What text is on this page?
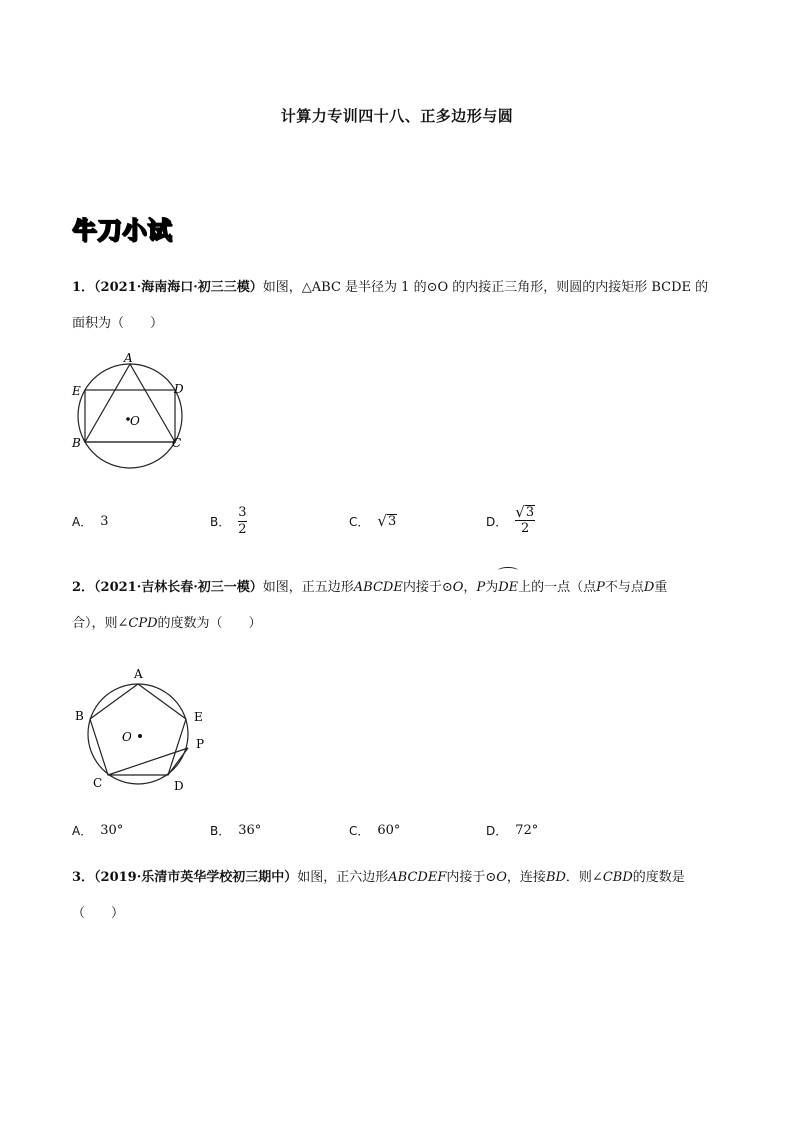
计算力专训四十八、正多边形与圆
牛刀小试
1．（2021·海南海口·初三三模）如图，△ABC 是半径为 1 的⊙O 的内接正三角形，则圆的内接矩形 BCDE 的
面积为（　　）
A
E	D
B	C
O
A． 3	B． $\frac{3}{2}$	C． √ 3	D． $\frac{√ 3}{2}$
2．（2021·吉林长春·初三一模）如图，正五边形ABCDE内接于⊙O，P为DE上的一点（点P不与点D重
合），则∠CPD的度数为（　　）
A
B	E
O	P
C	D
A． 30°	B． 36°	C． 60°	D． 72°
3．（2019·乐清市英华学校初三期中）如图，正六边形ABCDEF内接于⊙O，连接BD．则∠CBD的度数是
（　　）
